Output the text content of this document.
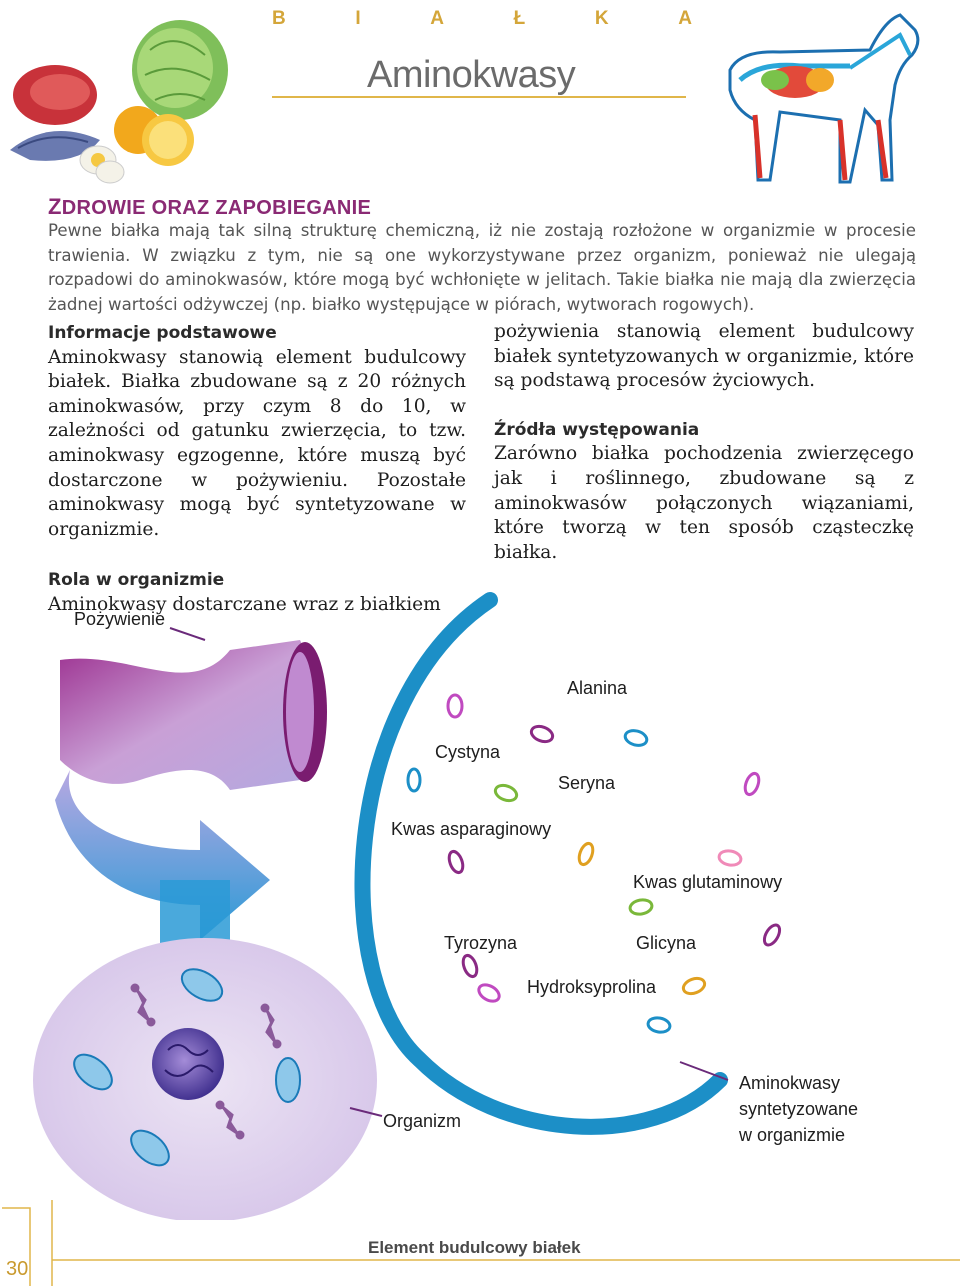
B	I	A	Ł	K	A
Aminokwasy
ZDROWIE ORAZ ZAPOBIEGANIE
Pewne białka mają tak silną strukturę chemiczną, iż nie zostają rozłożone w organizmie w procesie trawienia. W związku z tym, nie są one wykorzystywane przez organizm, ponieważ nie ulegają rozpadowi do aminokwasów, które mogą być wchłonięte w jelitach. Takie białka nie mają dla zwierzęcia żadnej wartości odżywczej (np. białko występujące w piórach, wytworach rogowych).
Informacje podstawowe
Aminokwasy stanowią element budulcowy białek. Białka zbudowane są z 20 różnych aminokwasów, przy czym 8 do 10, w zależności od gatunku zwierzęcia, to tzw. aminokwasy egzogenne, które muszą być dostarczone w pożywieniu. Pozostałe aminokwasy mogą być syntetyzowane w organizmie.
Rola w organizmie
Aminokwasy dostarczane wraz z białkiem
pożywienia stanowią element budulcowy białek syntetyzowanych w organizmie, które są podstawą procesów życiowych.
Źródła występowania
Zarówno białka pochodzenia zwierzęcego jak i roślinnego, zbudowane są z aminokwasów połączonych wiązaniami, które tworzą w ten sposób cząsteczkę białka.
Pożywienie
Alanina
Cystyna
Seryna
Kwas asparaginowy
Kwas glutaminowy
Tyrozyna	Glicyna
Hydroksyprolina
Organizm
Aminokwasy
syntetyzowane
w organizmie
Element budulcowy białek
30
